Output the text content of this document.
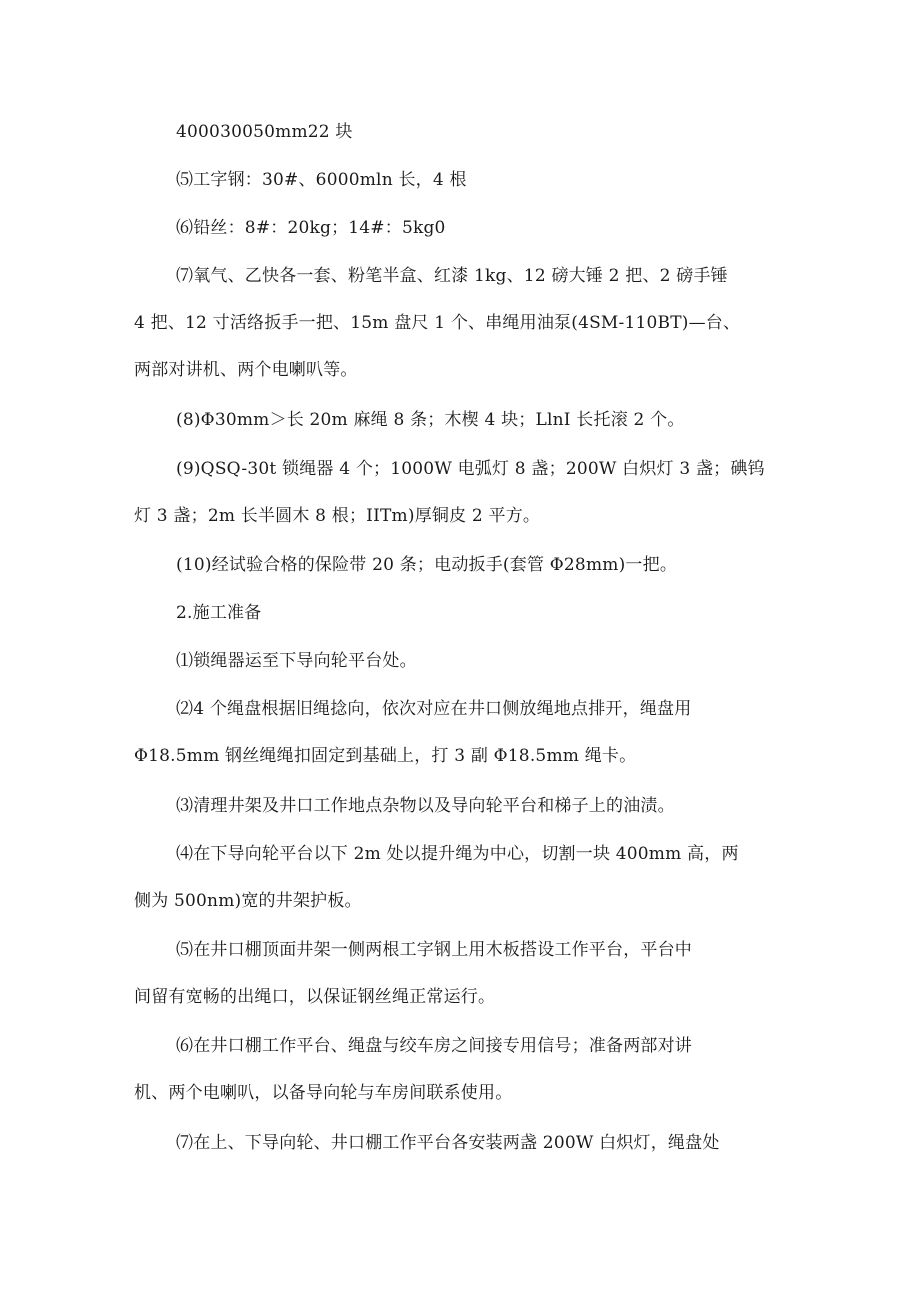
400030050mm22 块

⑸工字钢：30#、6000mln 长，4 根

⑹铅丝：8#：20kg；14#：5kg0

⑺氧气、乙快各一套、粉笔半盒、红漆 1kg、12 磅大锤 2 把、2 磅手锤
4 把、12 寸活络扳手一把、15m 盘尺 1 个、串绳用油泵(4SM-110BT)—台、
两部对讲机、两个电喇叭等。

(8)Φ30mm＞长 20m 麻绳 8 条；木楔 4 块；LlnI 长托滚 2 个。

(9)QSQ-30t 锁绳器 4 个；1000W 电弧灯 8 盏；200W 白炽灯 3 盏；碘钨
灯 3 盏；2m 长半圆木 8 根；IITm)厚铜皮 2 平方。

(10)经试验合格的保险带 20 条；电动扳手(套管 Φ28mm)一把。

2.施工准备

⑴锁绳器运至下导向轮平台处。

⑵4 个绳盘根据旧绳捻向，依次对应在井口侧放绳地点排开，绳盘用
Φ18.5mm 钢丝绳绳扣固定到基础上，打 3 副 Φ18.5mm 绳卡。

⑶清理井架及井口工作地点杂物以及导向轮平台和梯子上的油渍。

⑷在下导向轮平台以下 2m 处以提升绳为中心，切割一块 400mm 高，两
侧为 500nm)宽的井架护板。

⑸在井口棚顶面井架一侧两根工字钢上用木板搭设工作平台，平台中
间留有宽畅的出绳口，以保证钢丝绳正常运行。

⑹在井口棚工作平台、绳盘与绞车房之间接专用信号；准备两部对讲
机、两个电喇叭，以备导向轮与车房间联系使用。

⑺在上、下导向轮、井口棚工作平台各安装两盏 200W 白炽灯，绳盘处
